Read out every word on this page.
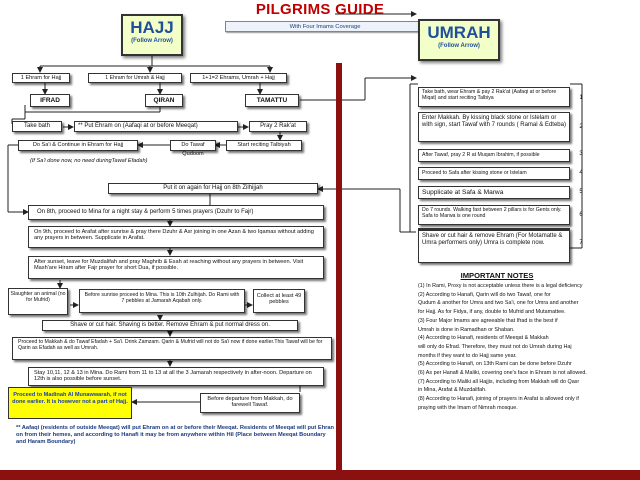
PILGRIMS GUIDE
With Four Imams Coverage
HAJJ
(Follow Arrow)	UMRAH
(Follow Arrow)
1 Ehram for Hajj	1 Ehram for Umrah & Hajj	1+1=2 Ehrams, Umrah + Hajj
IFRAD	QIRAN	TAMATTU
Take bath	** Put Ehram on (Aafaqi at or before Meeqat)	Pray 2 Rak'at
Do Sa'i & Continue in Ehram for Hajj	Do Tawaf Qudoom
Start reciting Talbiyah
(If Sa'i done now, no need duringTawaf Efadah)
Put it on again for Hajj on 8th Zilhijjah
On 8th, proceed to Mina for a night stay & perform 5 times prayers (Dzuhr to Fajr)
On 9th, proceed to Arafat after sunrise & pray there Dzuhr & Asr joining in one Azan & two Iqamas without adding any prayers in between. Supplicate in Arafat.
After sunset, leave for Muzdalifah and pray Maghrib & Esah at reaching without any prayers in between. Visit Mash'are Hiram after Fajr prayer for short Dua, if possible.
Slaughter an animal (no for Mufrid)
Before sunrise proceed to Mina. This is 10th Zulhijah. Do Rami with 7 pebbles at Jamarah Aqabah only.
Collect at least 49 pebbles
Shave or cut hair. Shaving is better. Remove Ehram & put normal dress on.
Proceed to Makkah & do Tawaf Efadah + Sa'i. Drink Zamzam. Qarin & Mufrid will not do Sa'i now if done earlier.This Tawaf will be for Qarin as Efadah as well as Umrah.
Stay 10,11, 12 & 13 in Mina. Do Rami from 11 to 13 at all the 3 Jamarah respectively in after-noon. Departure on 12th is also possible before sunset.
Proceed to Madinah Al Munawwarah, if not done earlier. It is however not a part of Hajj.	Before departure from Makkah, do farewell Tawaf.
** Aafaqi (residents of outside Meeqat) will put Ehram on at or before their Meeqat. Residents of Meeqat will put Ehran on from their hemes, and according to Hanafi it may be from anywhere within Hil (Place between Meeqat Boundary and Haram Boundary)
Take bath, wear Ehram & pay 2 Rak'at (Aafaqi at or before Miqat) and start reciting Talbiya
Enter Makkah. By kissing black stone or Istelam or with sign, start Tawaf with 7 rounds ( Ramal & Edteba)
After Tawaf, pray 2 R at Muqam Ibrahim, if possible
Proceed to Safa after kissing stone or Istelam
Supplicate at Safa & Marwa
Do 7 rounds. Walking fast between 2 pillars is for Gents only. Safa to Marwa is one round
1
2
3
4
5
6
7
IMPORTANT NOTES
(1) In Rami, Proxy is not acceptable unless there is a legal deficiency
(2) According to Hanafi, Qarin will do two Tawaf, one for
Qudum & another for Umra and two Sa'i, one for Umra and another
for Hajj. As for Fidya, if any, double to Mufrid and Mutamattee.
(3) Four Major Imams are agreeable that Ifrad is the best if
Umrah is done in Ramadhan or Shaban.
(4) According to Hanafi, residents of Meeqat & Makkah
will only do Efrad. Therefore, they must not do Umrah during Haj
months if they want to do Hajj same year.
(5) According to Hanafi, on 13th Rami can be done before Dzuhr
(6) As per Hanafi & Maliki, covering one's face in Ehram is not allowed.
(7) According to Maliki all Hajjis, including from Makkah will do Qasr
in Mina, Arafat & Muzdalifah.
(8) According to Hanafi, joining of prayers in Arafat is allowed only if
praying with the Imam of Nimrah mosque.
Shave or cut hair & remove Ehram (For Motamatte & Umra performers only) Umra is complete now.
